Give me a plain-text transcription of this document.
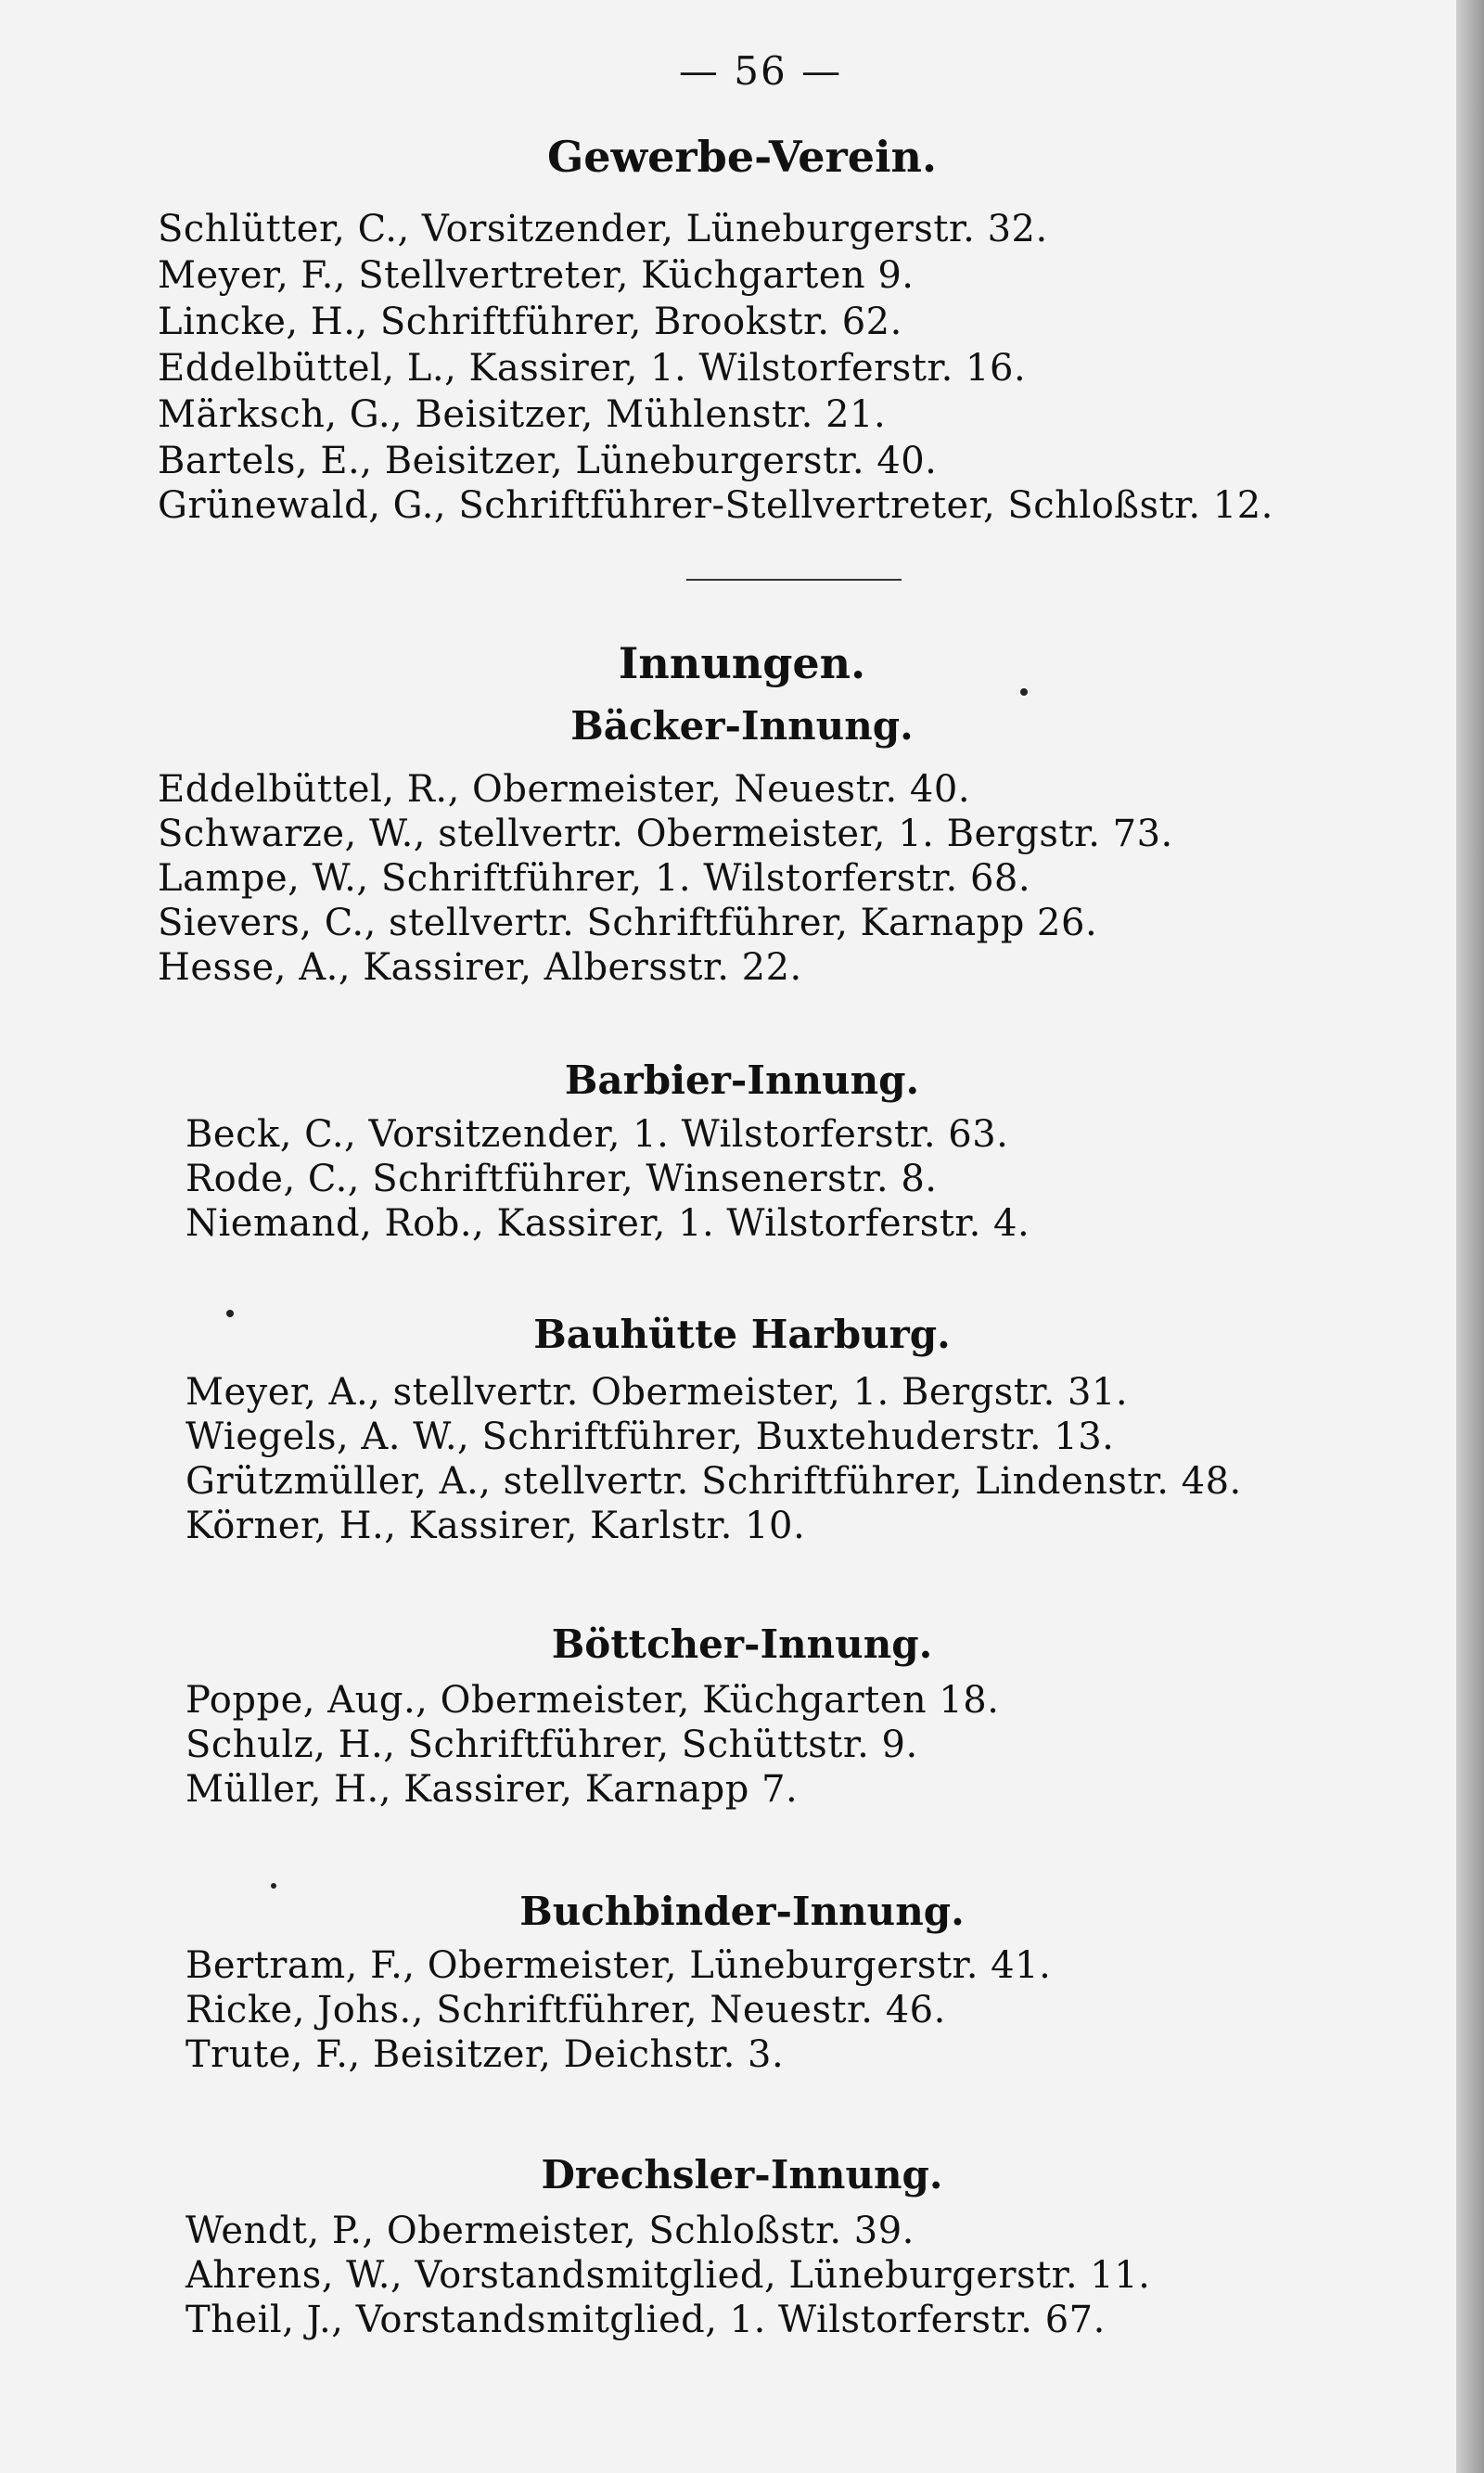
— 56 —
Gewerbe-Verein.
Schlütter, C., Vorsitzender, Lüneburgerstr. 32.
Meyer, F., Stellvertreter, Küchgarten 9.
Lincke, H., Schriftführer, Brookstr. 62.
Eddelbüttel, L., Kassirer, 1. Wilstorferstr. 16.
Märksch, G., Beisitzer, Mühlenstr. 21.
Bartels, E., Beisitzer, Lüneburgerstr. 40.
Grünewald, G., Schriftführer-Stellvertreter, Schloßstr. 12.
Innungen.
Bäcker-Innung.
Eddelbüttel, R., Obermeister, Neuestr. 40.
Schwarze, W., stellvertr. Obermeister, 1. Bergstr. 73.
Lampe, W., Schriftführer, 1. Wilstorferstr. 68.
Sievers, C., stellvertr. Schriftführer, Karnapp 26.
Hesse, A., Kassirer, Albersstr. 22.
Barbier-Innung.
Beck, C., Vorsitzender, 1. Wilstorferstr. 63.
Rode, C., Schriftführer, Winsenerstr. 8.
Niemand, Rob., Kassirer, 1. Wilstorferstr. 4.
Bauhütte Harburg.
Meyer, A., stellvertr. Obermeister, 1. Bergstr. 31.
Wiegels, A. W., Schriftführer, Buxtehuderstr. 13.
Grützmüller, A., stellvertr. Schriftführer, Lindenstr. 48.
Körner, H., Kassirer, Karlstr. 10.
Böttcher-Innung.
Poppe, Aug., Obermeister, Küchgarten 18.
Schulz, H., Schriftführer, Schüttstr. 9.
Müller, H., Kassirer, Karnapp 7.
Buchbinder-Innung.
Bertram, F., Obermeister, Lüneburgerstr. 41.
Ricke, Johs., Schriftführer, Neuestr. 46.
Trute, F., Beisitzer, Deichstr. 3.
Drechsler-Innung.
Wendt, P., Obermeister, Schloßstr. 39.
Ahrens, W., Vorstandsmitglied, Lüneburgerstr. 11.
Theil, J., Vorstandsmitglied, 1. Wilstorferstr. 67.
